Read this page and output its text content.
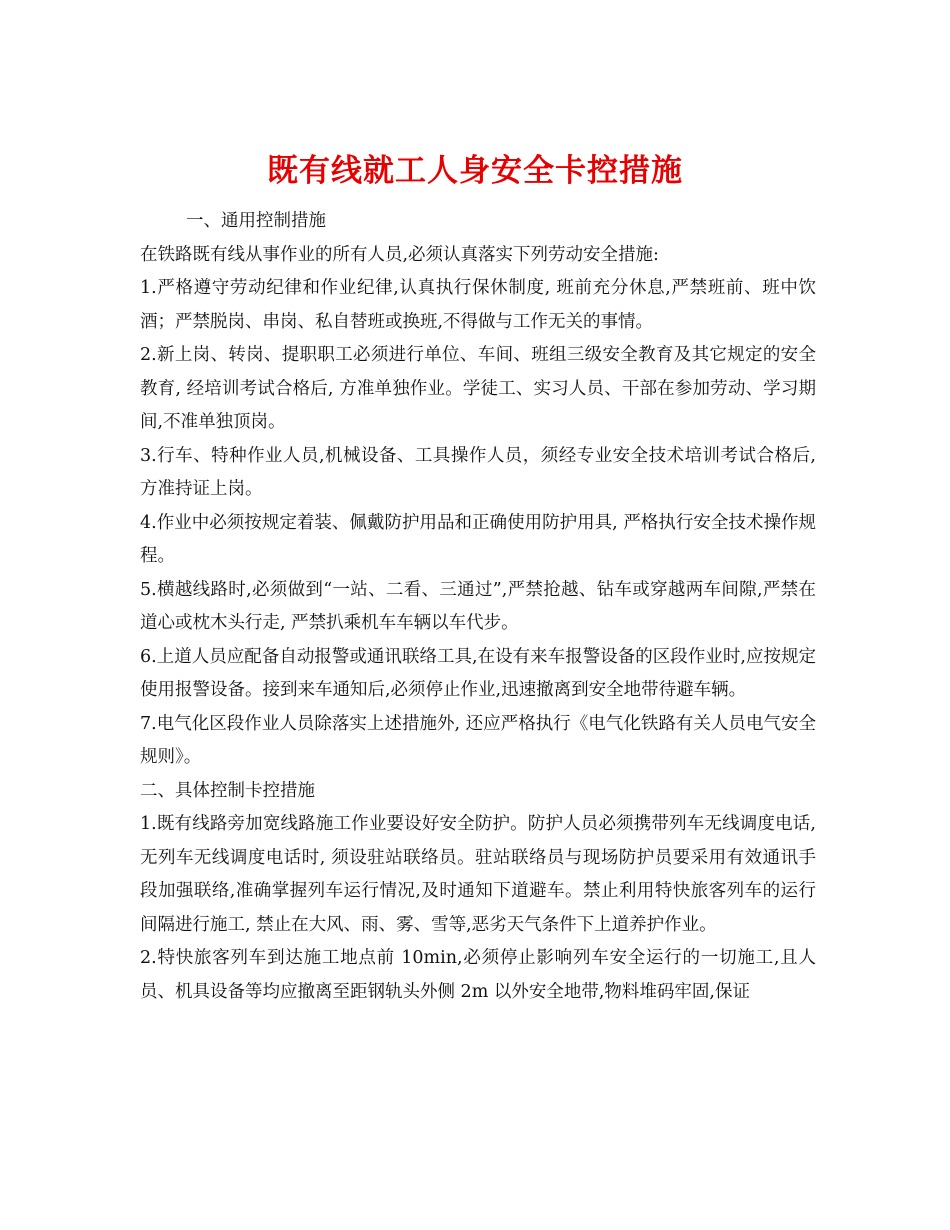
既有线就工人身安全卡控措施

一、通用控制措施

在铁路既有线从事作业的所有人员,必须认真落实下列劳动安全措施:

1.严格遵守劳动纪律和作业纪律,认真执行保休制度, 班前充分休息,严禁班前、班中饮酒；严禁脱岗、串岗、私自替班或换班,不得做与工作无关的事情。

2.新上岗、转岗、提职职工必须进行单位、车间、班组三级安全教育及其它规定的安全教育, 经培训考试合格后, 方准单独作业。学徒工、实习人员、干部在参加劳动、学习期间,不准单独顶岗。

3.行车、特种作业人员,机械设备、工具操作人员，须经专业安全技术培训考试合格后, 方准持证上岗。

4.作业中必须按规定着装、佩戴防护用品和正确使用防护用具, 严格执行安全技术操作规程。

5.横越线路时,必须做到“一站、二看、三通过”,严禁抢越、钻车或穿越两车间隙,严禁在道心或枕木头行走, 严禁扒乘机车车辆以车代步。

6.上道人员应配备自动报警或通讯联络工具,在设有来车报警设备的区段作业时,应按规定使用报警设备。接到来车通知后,必须停止作业,迅速撤离到安全地带待避车辆。

7.电气化区段作业人员除落实上述措施外, 还应严格执行《电气化铁路有关人员电气安全规则》。

二、具体控制卡控措施

1.既有线路旁加宽线路施工作业要设好安全防护。防护人员必须携带列车无线调度电话,无列车无线调度电话时, 须设驻站联络员。驻站联络员与现场防护员要采用有效通讯手段加强联络,准确掌握列车运行情况,及时通知下道避车。禁止利用特快旅客列车的运行间隔进行施工, 禁止在大风、雨、雾、雪等,恶劣天气条件下上道养护作业。

2.特快旅客列车到达施工地点前 10min,必须停止影响列车安全运行的一切施工,且人员、机具设备等均应撤离至距钢轨头外侧 2m 以外安全地带,物料堆码牢固,保证
